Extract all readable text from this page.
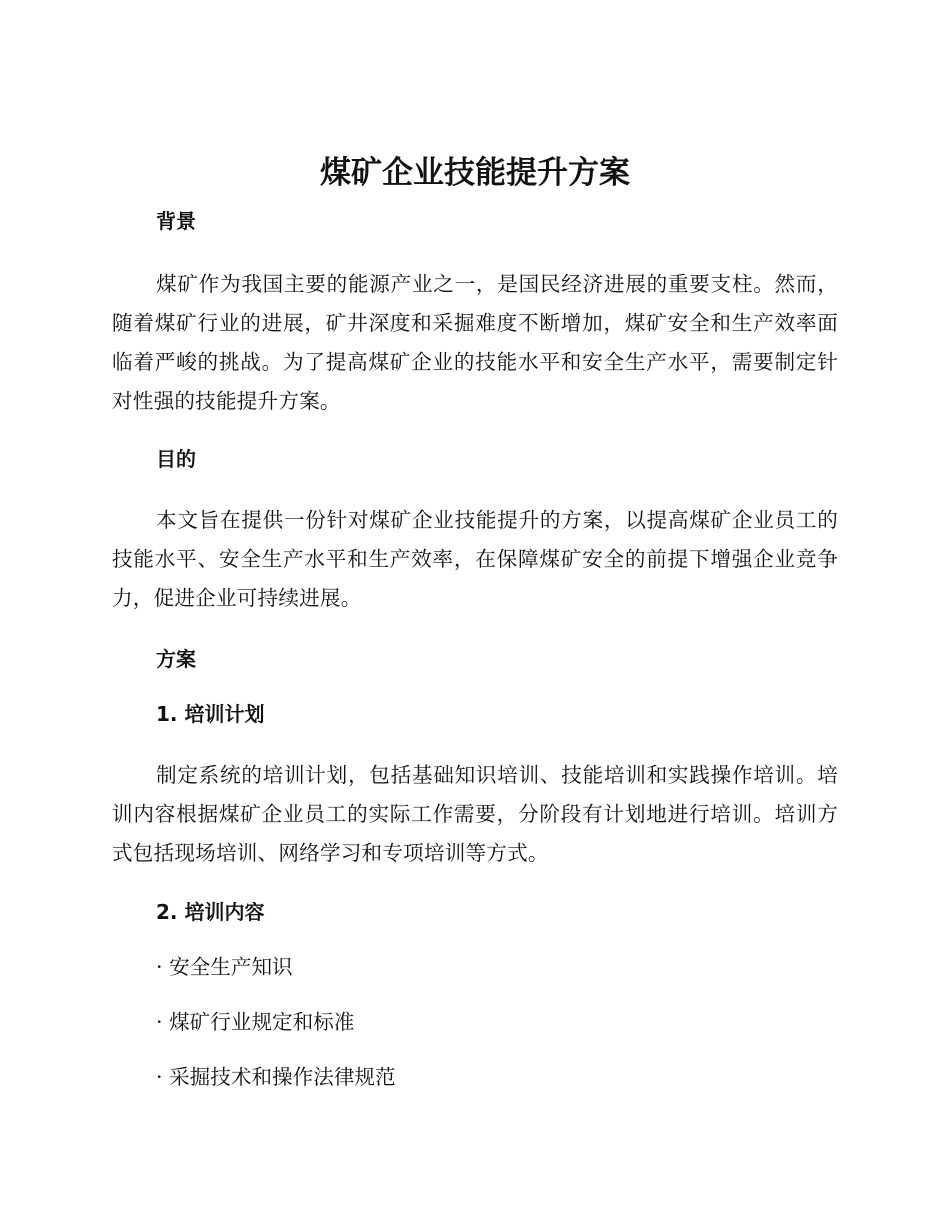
煤矿企业技能提升方案
背景

煤矿作为我国主要的能源产业之一，是国民经济进展的重要支柱。然而，随着煤矿行业的进展，矿井深度和采掘难度不断增加，煤矿安全和生产效率面临着严峻的挑战。为了提高煤矿企业的技能水平和安全生产水平，需要制定针对性强的技能提升方案。

目的

本文旨在提供一份针对煤矿企业技能提升的方案，以提高煤矿企业员工的技能水平、安全生产水平和生产效率，在保障煤矿安全的前提下增强企业竞争力，促进企业可持续进展。

方案
1. 培训计划

制定系统的培训计划，包括基础知识培训、技能培训和实践操作培训。培训内容根据煤矿企业员工的实际工作需要，分阶段有计划地进行培训。培训方式包括现场培训、网络学习和专项培训等方式。

2. 培训内容

· 安全生产知识

· 煤矿行业规定和标准

· 采掘技术和操作法律规范
